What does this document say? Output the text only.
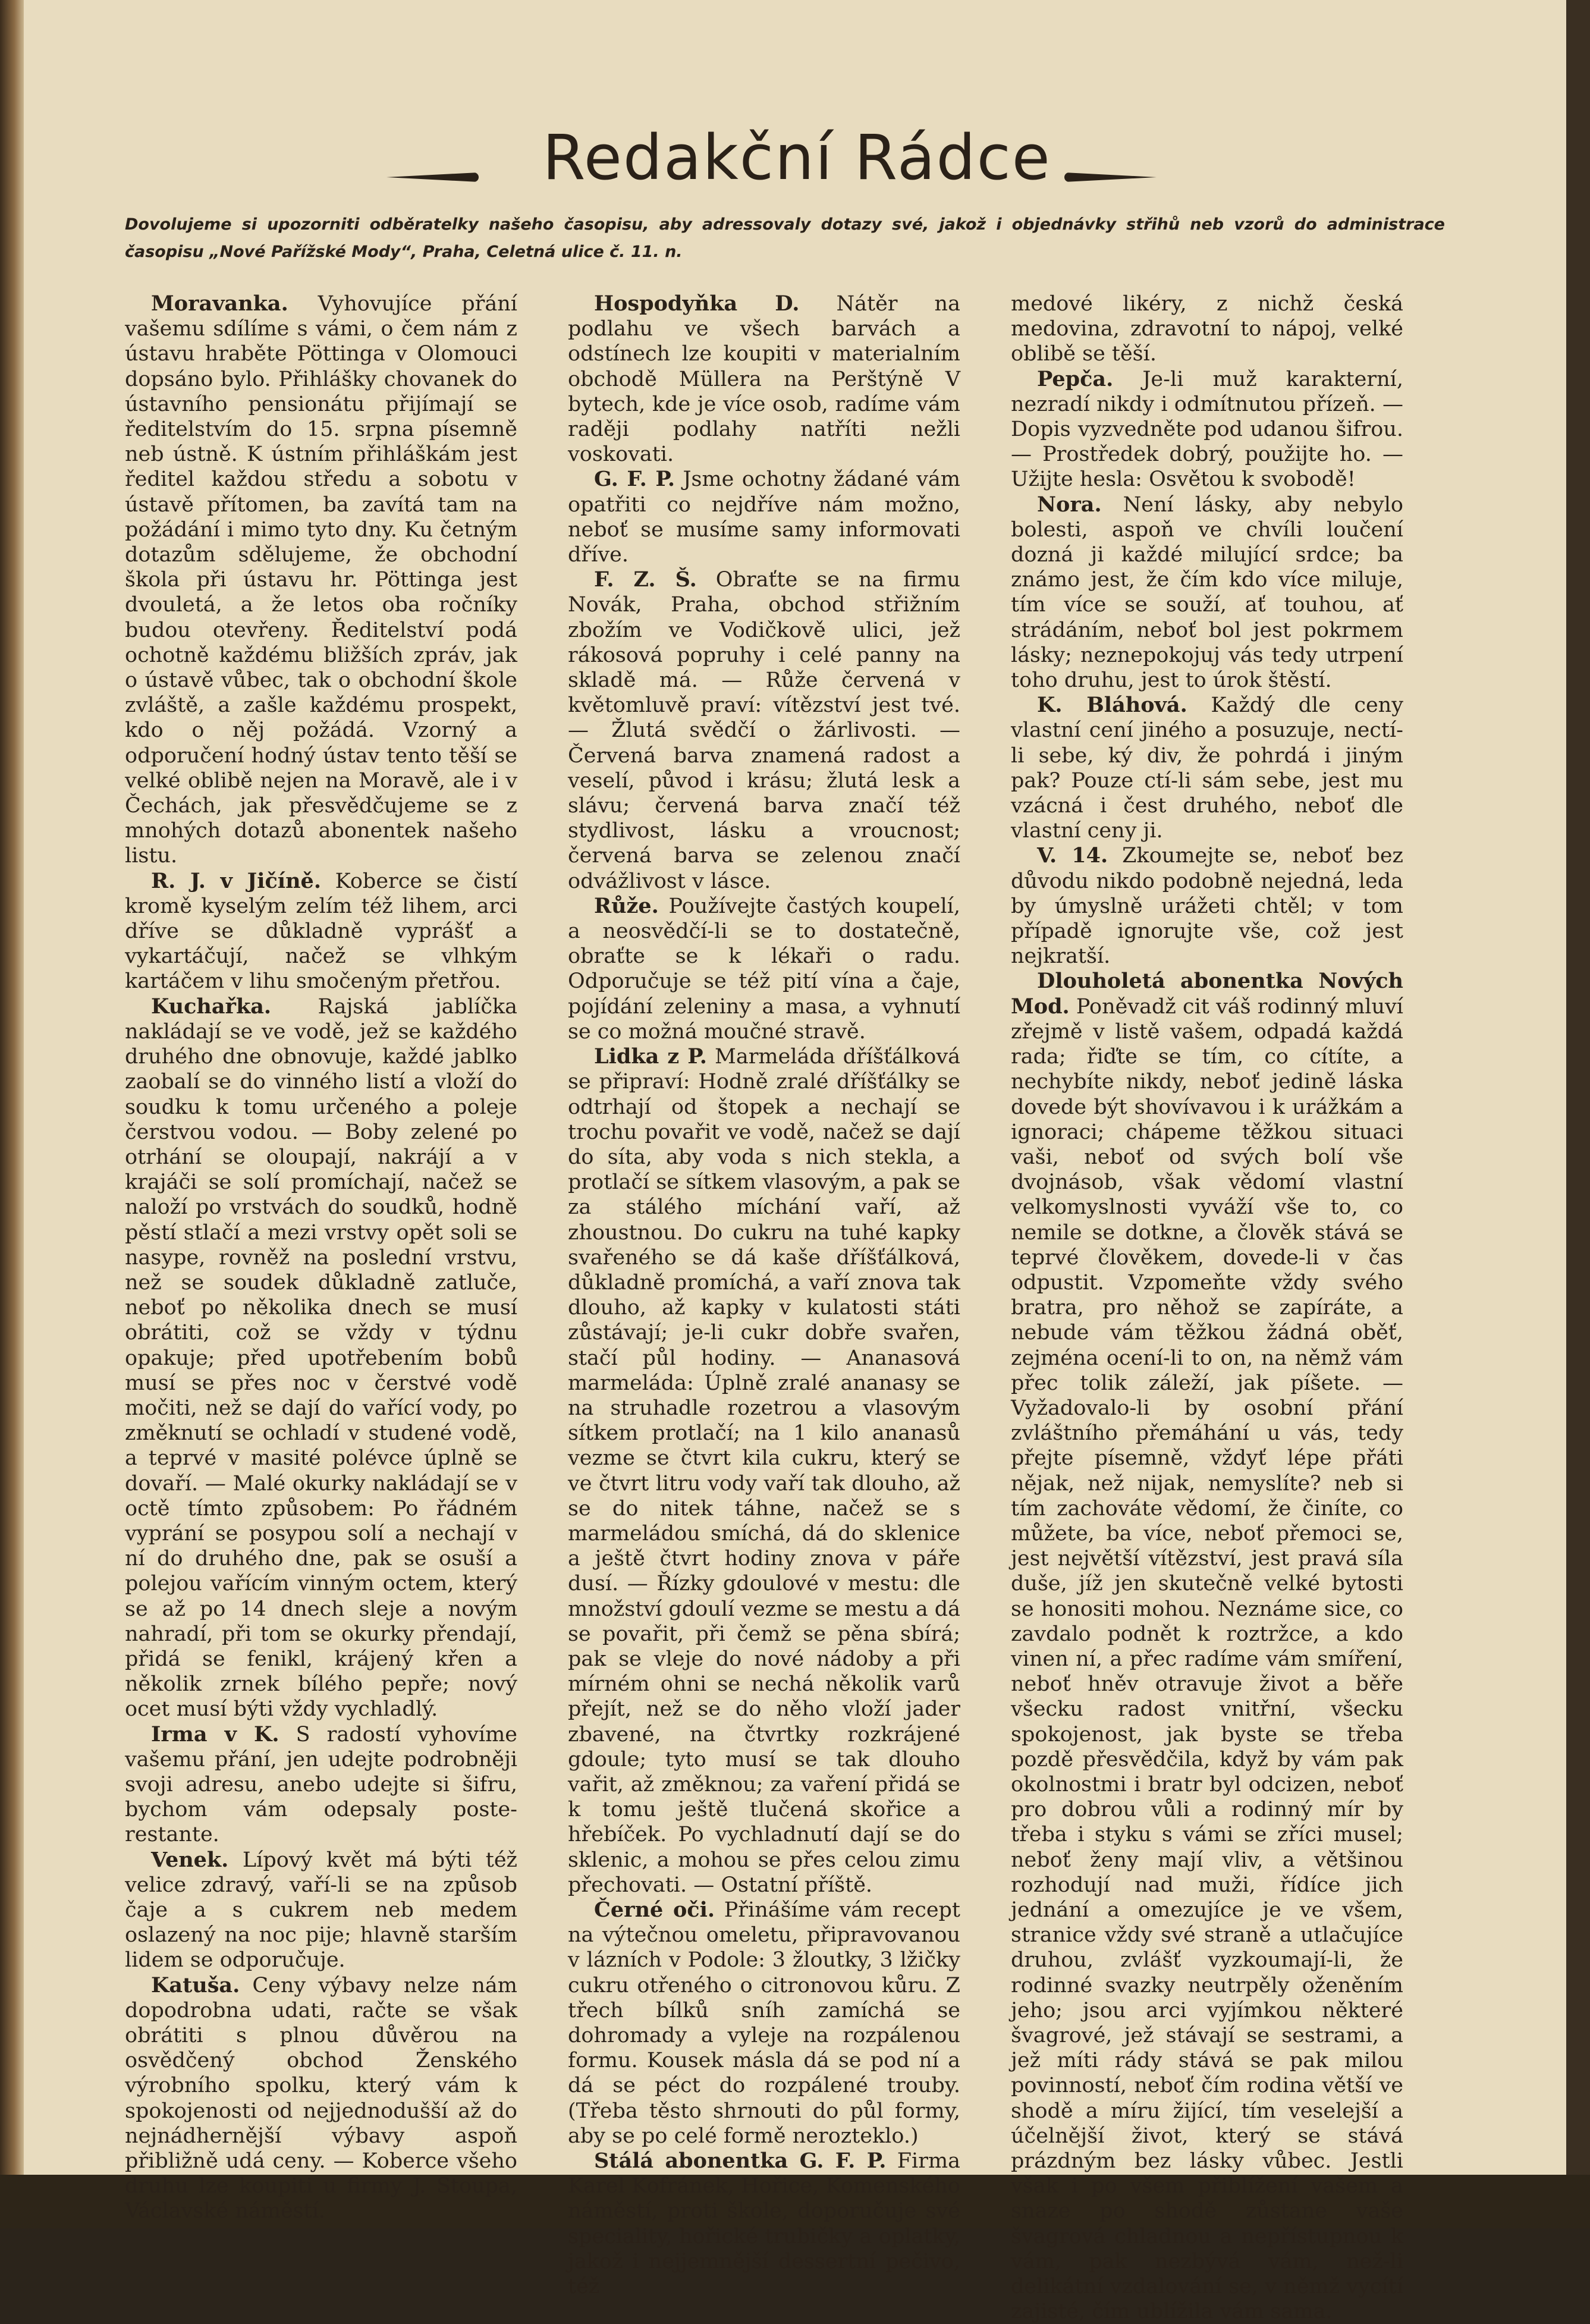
Redakční Rádce
Dovolujeme si upozorniti odběratelky našeho časopisu, aby adressovaly dotazy své, jakož i objednávky střihů neb vzorů do administrace časopisu „Nové Pařížské Mody“, Praha, Celetná ulice č. 11. n.

Moravanka. Vyhovujíce přání vašemu sdílíme s vámi, o čem nám z ústavu hraběte Pöttinga v Olomouci dopsáno bylo. Přihlášky chovanek do ústavního pensionátu přijímají se ředitelstvím do 15. srpna písemně neb ústně. K ústním přihláškám jest ředitel každou středu a sobotu v ústavě přítomen, ba zavítá tam na požádání i mimo tyto dny. Ku četným dotazům sdělujeme, že obchodní škola při ústavu hr. Pöttinga jest dvouletá, a že letos oba ročníky budou otevřeny. Ředitelství podá ochotně každému bližších zpráv, jak o ústavě vůbec, tak o obchodní škole zvláště, a zašle každému prospekt, kdo o něj požádá. Vzorný a odporučení hodný ústav tento těší se velké oblibě nejen na Moravě, ale i v Čechách, jak přesvědčujeme se z mnohých dotazů abonentek našeho listu.

R. J. v Jičíně. Koberce se čistí kromě kyselým zelím též lihem, arci dříve se důkladně vyprášť a vykartáčují, načež se vlhkým kartáčem v lihu smočeným přetřou.

Kuchařka. Rajská jablíčka nakládají se ve vodě, jež se každého druhého dne obnovuje, každé jablko zaobalí se do vinného listí a vloží do soudku k tomu určeného a poleje čerstvou vodou. — Boby zelené po otrhání se oloupají, nakrájí a v krajáči se solí promíchají, načež se naloží po vrstvách do soudků, hodně pěstí stlačí a mezi vrstvy opět soli se nasype, rovněž na poslední vrstvu, než se soudek důkladně zatluče, neboť po několika dnech se musí obrátiti, což se vždy v týdnu opakuje; před upotřebením bobů musí se přes noc v čerstvé vodě močiti, než se dají do vařící vody, po změknutí se ochladí v studené vodě, a teprvé v masité polévce úplně se dovaří. — Malé okurky nakládají se v octě tímto způsobem: Po řádném vyprání se posypou solí a nechají v ní do druhého dne, pak se osuší a polejou vařícím vinným octem, který se až po 14 dnech sleje a novým nahradí, při tom se okurky přendají, přidá se fenikl, krájený křen a několik zrnek bílého pepře; nový ocet musí býti vždy vychladlý.

Irma v K. S radostí vyhovíme vašemu přání, jen udejte podrobněji svoji adresu, anebo udejte si šifru, bychom vám odepsaly poste-restante.

Venek. Lípový květ má býti též velice zdravý, vaří-li se na způsob čaje a s cukrem neb medem oslazený na noc pije; hlavně starším lidem se odporučuje.

Katuša. Ceny výbavy nelze nám dopodrobna udati, račte se však obrátiti s plnou důvěrou na osvědčený obchod Ženského výrobního spolku, který vám k spokojenosti od nejjednodušší až do nejnádhernější výbavy aspoň přibližně udá ceny. — Koberce všeho druhu lze koupiti u firmy J. Stoupa, Václavské náměstí.

Hospodyňka D. Nátěr na podlahu ve všech barvách a odstínech lze koupiti v materialním obchodě Müllera na Perštýně V bytech, kde je více osob, radíme vám raději podlahy natříti nežli voskovati.

G. F. P. Jsme ochotny žádané vám opatřiti co nejdříve nám možno, neboť se musíme samy informovati dříve.

F. Z. Š. Obraťte se na firmu Novák, Praha, obchod střižním zbožím ve Vodičkově ulici, jež rákosová popruhy i celé panny na skladě má. — Růže červená v květomluvě praví: vítězství jest tvé. — Žlutá svědčí o žárlivosti. — Červená barva znamená radost a veselí, původ i krásu; žlutá lesk a slávu; červená barva značí též stydlivost, lásku a vroucnost; červená barva se zelenou značí odvážlivost v lásce.

Růže. Používejte častých koupelí, a neosvědčí-li se to dostatečně, obraťte se k lékaři o radu. Odporučuje se též pití vína a čaje, pojídání zeleniny a masa, a vyhnutí se co možná moučné stravě.

Lidka z P. Marmeláda dříšťálková se připraví: Hodně zralé dříšťálky se odtrhají od štopek a nechají se trochu povařit ve vodě, načež se dají do síta, aby voda s nich stekla, a protlačí se sítkem vlasovým, a pak se za stálého míchání vaří, až zhoustnou. Do cukru na tuhé kapky svařeného se dá kaše dříšťálková, důkladně promíchá, a vaří znova tak dlouho, až kapky v kulatosti státi zůstávají; je-li cukr dobře svařen, stačí půl hodiny. — Ananasová marmeláda: Úplně zralé ananasy se na struhadle rozetrou a vlasovým sítkem protlačí; na 1 kilo ananasů vezme se čtvrt kila cukru, který se ve čtvrt litru vody vaří tak dlouho, až se do nitek táhne, načež se s marmeládou smíchá, dá do sklenice a ještě čtvrt hodiny znova v páře dusí. — Řízky gdoulové v mestu: dle množství gdoulí vezme se mestu a dá se povařit, při čemž se pěna sbírá; pak se vleje do nové nádoby a při mírném ohni se nechá několik varů přejít, než se do něho vloží jader zbavené, na čtvrtky rozkrájené gdoule; tyto musí se tak dlouho vařit, až změknou; za vaření přidá se k tomu ještě tlučená skořice a hřebíček. Po vychladnutí dají se do sklenic, a mohou se přes celou zimu přechovati. — Ostatní příště.

Černé oči. Přinášíme vám recept na výtečnou omeletu, připravovanou v lázních v Podole: 3 žloutky, 3 lžičky cukru otřeného o citronovou kůru. Z třech bílků sníh zamíchá se dohromady a vyleje na rozpálenou formu. Kousek másla dá se pod ní a dá se péct do rozpálené trouby. (Třeba těsto shrnouti do půl formy, aby se po celé formě nerozteklo.)

Stálá abonentka G. F. P. Firma Karel Kofránek, Hořice, Komenského náměstí, proti škole, doporučuje své speciality, hořické trubičky a oplatky, jakož i nejjemnější dessertní pečivo, též

medové likéry, z nichž česká medovina, zdravotní to nápoj, velké oblibě se těší.

Pepča. Je-li muž karakterní, nezradí nikdy i odmítnutou přízeň. — Dopis vyzvedněte pod udanou šifrou. — Prostředek dobrý, použijte ho. — Užijte hesla: Osvětou k svobodě!

Nora. Není lásky, aby nebylo bolesti, aspoň ve chvíli loučení dozná ji každé milující srdce; ba známo jest, že čím kdo více miluje, tím více se souží, ať touhou, ať strádáním, neboť bol jest pokrmem lásky; neznepokojuj vás tedy utrpení toho druhu, jest to úrok štěstí.

K. Bláhová. Každý dle ceny vlastní cení jiného a posuzuje, nectí-li sebe, ký div, že pohrdá i jiným pak? Pouze ctí-li sám sebe, jest mu vzácná i čest druhého, neboť dle vlastní ceny ji.

V. 14. Zkoumejte se, neboť bez důvodu nikdo podobně nejedná, leda by úmyslně urážeti chtěl; v tom případě ignorujte vše, což jest nejkratší.

Dlouholetá abonentka Nových Mod. Poněvadž cit váš rodinný mluví zřejmě v listě vašem, odpadá každá rada; řiďte se tím, co cítíte, a nechybíte nikdy, neboť jedině láska dovede být shovívavou i k urážkám a ignoraci; chápeme těžkou situaci vaši, neboť od svých bolí vše dvojnásob, však vědomí vlastní velkomyslnosti vyváží vše to, co nemile se dotkne, a člověk stává se teprvé člověkem, dovede-li v čas odpustit. Vzpomeňte vždy svého bratra, pro něhož se zapíráte, a nebude vám těžkou žádná oběť, zejména ocení-li to on, na němž vám přec tolik záleží, jak píšete. — Vyžadovalo-li by osobní přání zvláštního přemáhání u vás, tedy přejte písemně, vždyť lépe přáti nějak, než nijak, nemyslíte? neb si tím zachováte vědomí, že činíte, co můžete, ba více, neboť přemoci se, jest největší vítězství, jest pravá síla duše, jíž jen skutečně velké bytosti se honositi mohou. Neznáme sice, co zavdalo podnět k roztržce, a kdo vinen ní, a přec radíme vám smíření, neboť hněv otravuje život a běře všecku radost vnitřní, všecku spokojenost, jak byste se třeba pozdě přesvědčila, když by vám pak okolnostmi i bratr byl odcizen, neboť pro dobrou vůli a rodinný mír by třeba i styku s vámi se zříci musel; neboť ženy mají vliv, a většinou rozhodují nad muži, řídíce jich jednání a omezujíce je ve všem, stranice vždy své straně a utlačujíce druhou, zvlášť vyzkoumají-li, že rodinné svazky neutrpěly oženěním jeho; jsou arci vyjímkou některé švagrové, jež stávají se sestrami, a jež míti rády stává se pak milou povinností, neboť čím rodina větší ve shodě a míru žijící, tím veselejší a účelnější život, který se stává prázdným bez lásky vůbec. Jestli však i po všem přiblížení vašem a snaze po shodě zůstane vaše švagrová chladnou a nepřístupnou k vám, pak nezbývá vám, než-li delikátní vzdalování se, v němž vycítí zajisté, čím ublížila vám sama.
